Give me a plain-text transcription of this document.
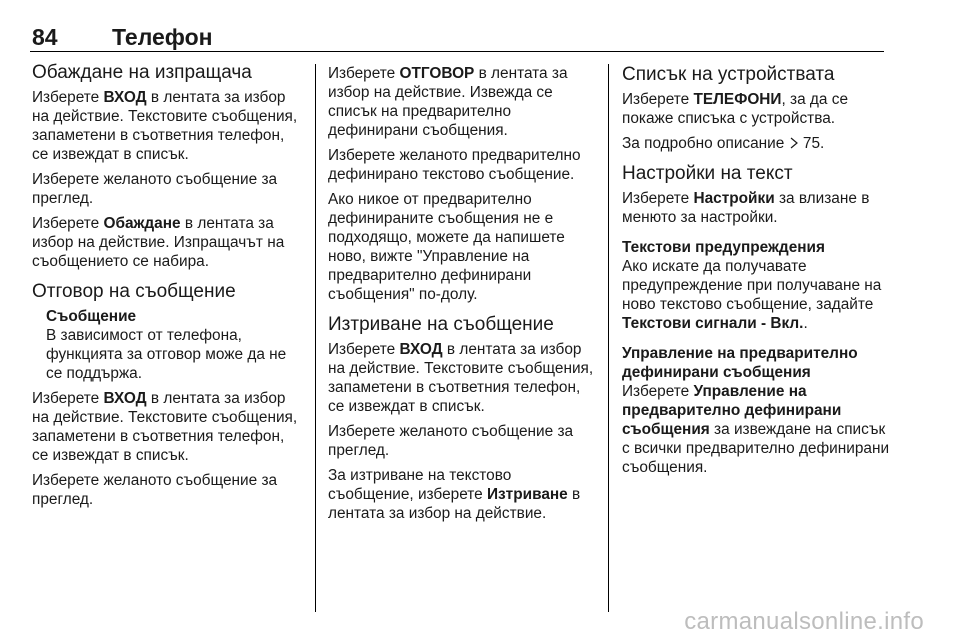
84 Телефон
Обаждане на изпращача

Изберете ВХОД в лентата за избор на действие. Текстовите съобщения, запаметени в съответния телефон, се извеждат в списък.

Изберете желаното съобщение за преглед.

Изберете Обаждане в лентата за избор на действие. Изпращачът на съобщението се набира.

Отговор на съобщение
Съобщение
В зависимост от телефона, функцията за отговор може да не се поддържа.

Изберете ВХОД в лентата за избор на действие. Текстовите съобщения, запаметени в съответния телефон, се извеждат в списък.

Изберете желаното съобщение за преглед.

Изберете ОТГОВОР в лентата за избор на действие. Извежда се списък на предварително дефинирани съобщения.

Изберете желаното предварително дефинирано текстово съобщение.

Ако никое от предварително дефинираните съобщения не е подходящо, можете да напишете ново, вижте "Управление на предварително дефинирани съобщения" по-долу.

Изтриване на съобщение

Изберете ВХОД в лентата за избор на действие. Текстовите съобщения, запаметени в съответния телефон, се извеждат в списък.

Изберете желаното съобщение за преглед.

За изтриване на текстово съобщение, изберете Изтриване в лентата за избор на действие.

Списък на устройствата

Изберете ТЕЛЕФОНИ, за да се покаже списъка с устройства.

За подробно описание  75.

Настройки на текст

Изберете Настройки за влизане в менюто за настройки.

Текстови предупреждения

Ако искате да получавате предупреждение при получаване на ново текстово съобщение, задайте Текстови сигнали - Вкл..

Управление на предварително дефинирани съобщения

Изберете Управление на предварително дефинирани съобщения за извеждане на списък с всички предварително дефинирани съобщения.

carmanualsonline.info
